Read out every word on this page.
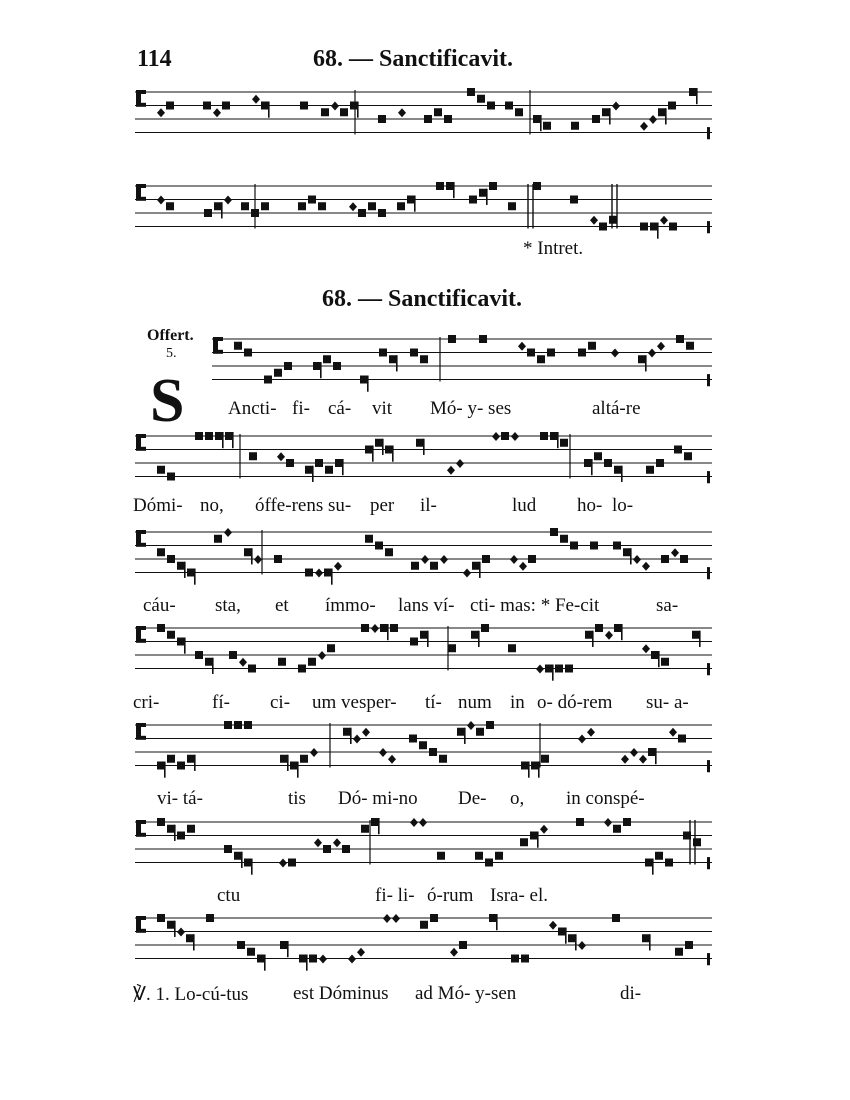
114	68. — Sanctificavit.
* Intret.
68. — Sanctificavit.
Offert.
5.
S Ancti- fi- cá- vit Mó- y- ses	altá-re
Dómi- no, óffe-rens su- per il-	lud ho- lo-
cáu- sta, et ímmo- lans ví- cti- mas: * Fe-cit	sa-
cri-	fí- ci- um vesper- tí- num in o- dó-rem su- a-
vi- tá-	tis Dó- mi-no De- o, in conspé-
ctu	fi- li- ó-rum Isra- el.
℣. 1. Lo-cú-tus est Dóminus ad Mó- y-sen	di-
